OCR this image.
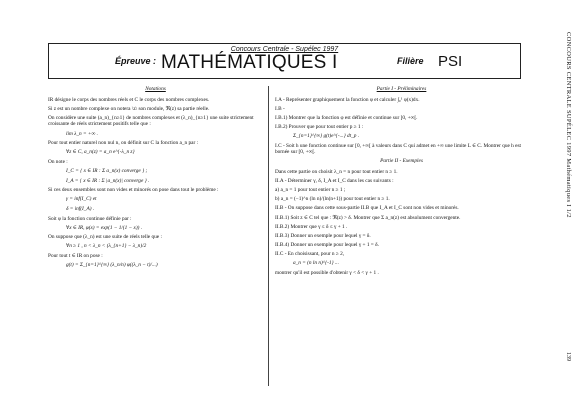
Concours Centrale - Supélec 1997
Épreuve : MATHÉMATIQUES I	Filière PSI
Notations
IR désigne le corps des nombres réels et C le corps des nombres complexes.
Si z est un nombre complexe on notera \z\ son module, ℜ(z) sa partie réelle.
On considère une suite (a_n)_{n≥1} de nombres complexes et (λ_n)_{n≥1} une suite strictement croissante de réels strictement positifs telle que :
lim λ_n = +∞ .
Pour tout entier naturel non nul n, on définit sur C la fonction a_n par :
∀z ∈ C, a_n(z) = a_n e^{-λ_n z}
On note :
I_C = { x ∈ IR : Σ a_n(x) converge } ;
I_A = { x ∈ IR : Σ |a_n(x)| converge } .
Si ces deux ensembles sont non vides et minorés on pose dans tout le problème :
γ = inf(I_C) et
δ = inf(I_A) .
Soit φ la fonction continue définie par :
∀x ∈ IR, φ(x) = exp(1 − 1/(1 − x)) .
On suppose que (λ_n) est une suite de réels telle que :
∀n ≥ 1 , n < λ_n < (λ_{n+1} − λ_n)/2
Pour tout t ∈ IR on pose :
g(t) = Σ_{n=1}^{∞} (λ_n/n) φ((λ_n − t)/...)
Partie I - Préliminaires
I.A - Représenter graphiquement la fonction φ et calculer ∫₀¹ φ(x)dx.
I.B -
I.B.1) Montrer que la fonction φ est définie et continue sur ]0, +∞[.
I.B.2) Prouver que pour tout entier p ≥ 1 :
Σ_{n=1}^{∞} g(t)e^{-...} dt_p .
I.C - Soit h une fonction continue sur [0, +∞[ à valeurs dans C qui admet en +∞ une limite L ∈ C. Montrer que h est bornée sur [0, +∞[.
Partie II - Exemples
Dans cette partie on choisit λ_n = n pour tout entier n ≥ 1.
II.A - Déterminer γ, δ, I_A et I_C dans les cas suivants :
a) a_n = 1 pour tout entier n ≥ 1 ;
b) a_n = (−1)^n (ln n)/(ln(n+1)) pour tout entier n ≥ 1.
II.B - On suppose dans cette sous-partie II.B que I_A et I_C sont non vides et minorés.
II.B.1) Soit z ∈ C tel que : ℜ(z) > δ. Montrer que Σ a_n(z) est absolument convergente.
II.B.2) Montrer que γ ≤ δ ≤ γ + 1 .
II.B.3) Donner un exemple pour lequel γ = δ.
II.B.4) Donner un exemple pour lequel γ + 1 = δ.
II.C - En choisissant, pour n ≥ 2,
a_n = (n ln n)^{-1} ...
montrer qu'il est possible d'obtenir γ < δ < γ + 1 .
CONCOURS CENTRALE SUPÉLEC 1997 Mathématiques I 1/2
139
